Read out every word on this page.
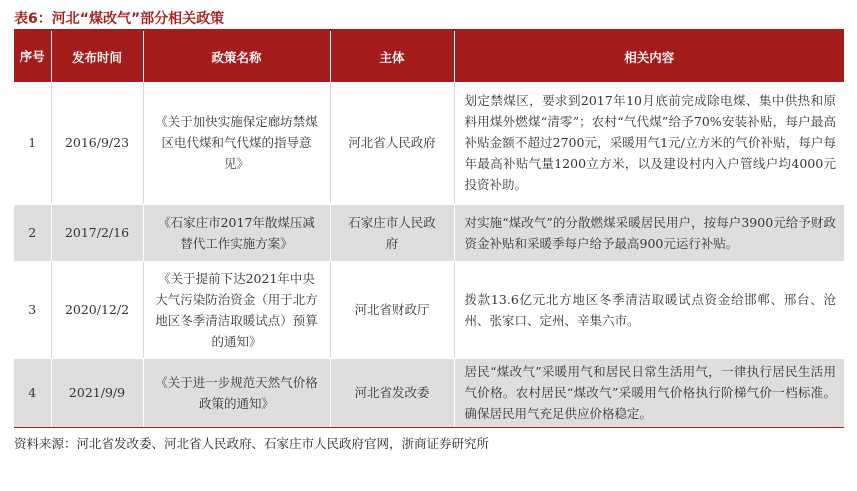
表6：河北“煤改气”部分相关政策
序号	发布时间	政策名称	主体	相关内容
1	2016/9/23	《关于加快实施保定廊坊禁煤区电代煤和气代煤的指导意见》	河北省人民政府	划定禁煤区，要求到2017年10月底前完成除电煤、集中供热和原料用煤外燃煤“清零”；农村“气代煤”给予70%安装补贴，每户最高补贴金额不超过2700元，采暖用气1元/立方米的气价补贴，每户每年最高补贴气量1200立方米，以及建设村内入户管线户均4000元投资补助。
2	2017/2/16	《石家庄市2017年散煤压减替代工作实施方案》	石家庄市人民政府	对实施“煤改气”的分散燃煤采暖居民用户，按每户3900元给予财政资金补贴和采暖季每户给予最高900元运行补贴。
3	2020/12/2	《关于提前下达2021年中央大气污染防治资金（用于北方地区冬季清洁取暖试点）预算的通知》	河北省财政厅	拨款13.6亿元北方地区冬季清洁取暖试点资金给邯郸、邢台、沧州、张家口、定州、辛集六市。
4	2021/9/9	《关于进一步规范天然气价格政策的通知》	河北省发改委	居民“煤改气”采暖用气和居民日常生活用气，一律执行居民生活用气价格。农村居民“煤改气”采暖用气价格执行阶梯气价一档标准。确保居民用气充足供应价格稳定。
资料来源：河北省发改委、河北省人民政府、石家庄市人民政府官网，浙商证券研究所
